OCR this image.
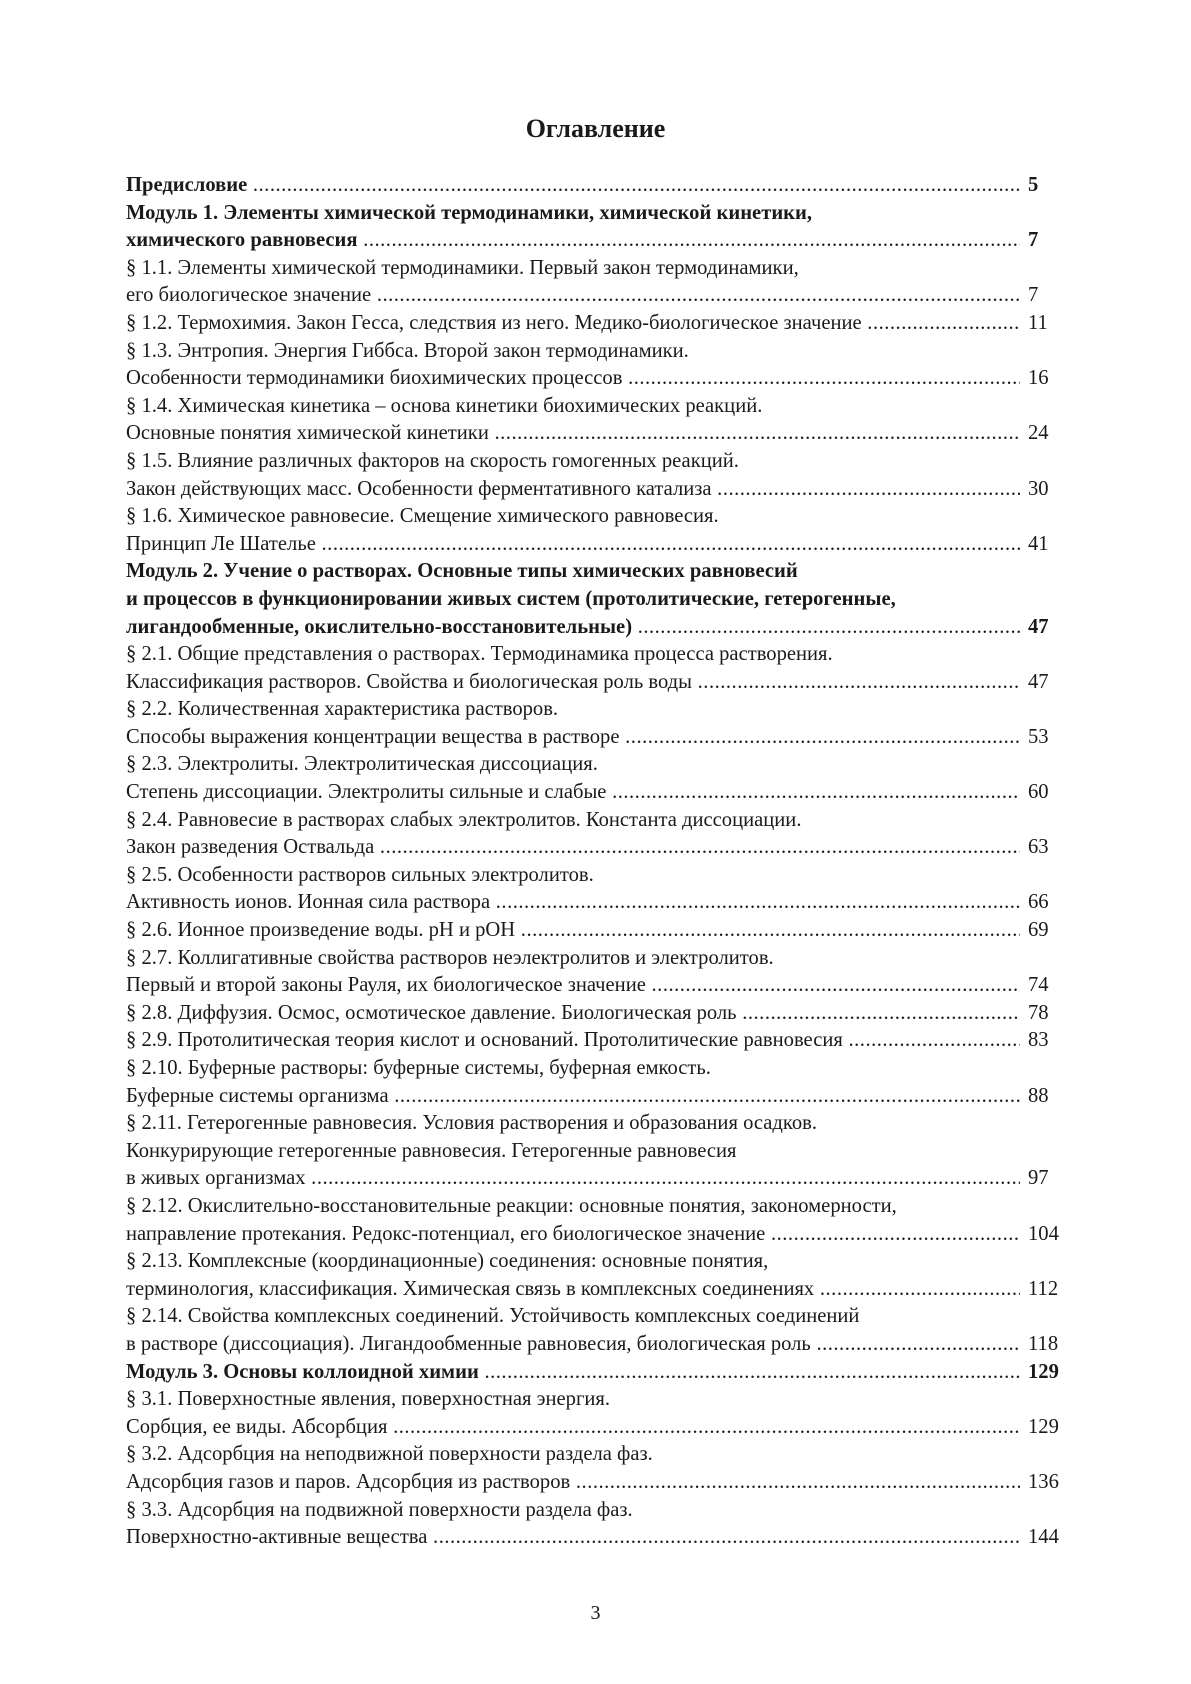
Оглавление
Предисловие .....	5
Модуль 1. Элементы химической термодинамики, химической кинетики,
химического равновесия .....	7
§ 1.1. Элементы химической термодинамики. Первый закон термодинамики,
его биологическое значение .....	7
§ 1.2. Термохимия. Закон Гесса, следствия из него. Медико-биологическое значение .....	11
§ 1.3. Энтропия. Энергия Гиббса. Второй закон термодинамики.
Особенности термодинамики биохимических процессов .....	16
§ 1.4. Химическая кинетика – основа кинетики биохимических реакций.
Основные понятия химической кинетики .....	24
§ 1.5. Влияние различных факторов на скорость гомогенных реакций.
Закон действующих масс. Особенности ферментативного катализа .....	30
§ 1.6. Химическое равновесие. Смещение химического равновесия.
Принцип Ле Шателье .....	41
Модуль 2. Учение о растворах. Основные типы химических равновесий
и процессов в функционировании живых систем (протолитические, гетерогенные,
лигандообменные, окислительно-восстановительные) .....	47
§ 2.1. Общие представления о растворах. Термодинамика процесса растворения.
Классификация растворов. Свойства и биологическая роль воды .....	47
§ 2.2. Количественная характеристика растворов.
Способы выражения концентрации вещества в растворе .....	53
§ 2.3. Электролиты. Электролитическая диссоциация.
Степень диссоциации. Электролиты сильные и слабые .....	60
§ 2.4. Равновесие в растворах слабых электролитов. Константа диссоциации.
Закон разведения Оствальда .....	63
§ 2.5. Особенности растворов сильных электролитов.
Активность ионов. Ионная сила раствора .....	66
§ 2.6. Ионное произведение воды. pH и pOH .....	69
§ 2.7. Коллигативные свойства растворов неэлектролитов и электролитов.
Первый и второй законы Рауля, их биологическое значение .....	74
§ 2.8. Диффузия. Осмос, осмотическое давление. Биологическая роль .....	78
§ 2.9. Протолитическая теория кислот и оснований. Протолитические равновесия .....	83
§ 2.10. Буферные растворы: буферные системы, буферная емкость.
Буферные системы организма .....	88
§ 2.11. Гетерогенные равновесия. Условия растворения и образования осадков.
Конкурирующие гетерогенные равновесия. Гетерогенные равновесия
в живых организмах .....	97
§ 2.12. Окислительно-восстановительные реакции: основные понятия, закономерности,
направление протекания. Редокс-потенциал, его биологическое значение .....	104
§ 2.13. Комплексные (координационные) соединения: основные понятия,
терминология, классификация. Химическая связь в комплексных соединениях .....	112
§ 2.14. Свойства комплексных соединений. Устойчивость комплексных соединений
в растворе (диссоциация). Лигандообменные равновесия, биологическая роль .....	118
Модуль 3. Основы коллоидной химии .....	129
§ 3.1. Поверхностные явления, поверхностная энергия.
Сорбция, ее виды. Абсорбция .....	129
§ 3.2. Адсорбция на неподвижной поверхности раздела фаз.
Адсорбция газов и паров. Адсорбция из растворов .....	136
§ 3.3. Адсорбция на подвижной поверхности раздела фаз.
Поверхностно-активные вещества .....	144
3
